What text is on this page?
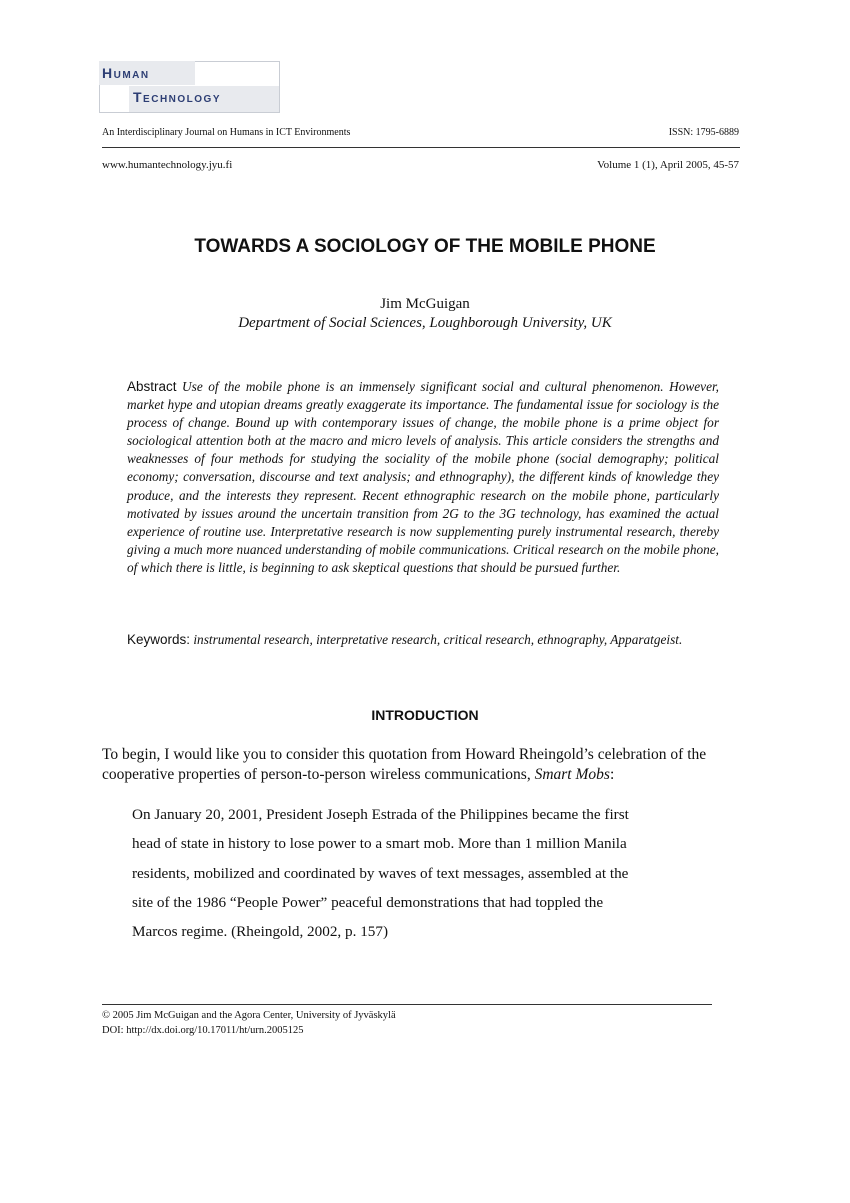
Human
Technology
An Interdisciplinary Journal on Humans in ICT Environments	ISSN: 1795-6889
www.humantechnology.jyu.fi	Volume 1 (1), April 2005, 45-57
TOWARDS A SOCIOLOGY OF THE MOBILE PHONE
Jim McGuigan
Department of Social Sciences, Loughborough University, UK
Abstract Use of the mobile phone is an immensely significant social and cultural phenomenon. However, market hype and utopian dreams greatly exaggerate its importance. The fundamental issue for sociology is the process of change. Bound up with contemporary issues of change, the mobile phone is a prime object for sociological attention both at the macro and micro levels of analysis. This article considers the strengths and weaknesses of four methods for studying the sociality of the mobile phone (social demography; political economy; conversation, discourse and text analysis; and ethnography), the different kinds of knowledge they produce, and the interests they represent. Recent ethnographic research on the mobile phone, particularly motivated by issues around the uncertain transition from 2G to the 3G technology, has examined the actual experience of routine use. Interpretative research is now supplementing purely instrumental research, thereby giving a much more nuanced understanding of mobile communications. Critical research on the mobile phone, of which there is little, is beginning to ask skeptical questions that should be pursued further.
Keywords: instrumental research, interpretative research, critical research, ethnography, Apparatgeist.
INTRODUCTION
To begin, I would like you to consider this quotation from Howard Rheingold’s celebration of the cooperative properties of person-to-person wireless communications, Smart Mobs:
On January 20, 2001, President Joseph Estrada of the Philippines became the first
head of state in history to lose power to a smart mob. More than 1 million Manila
residents, mobilized and coordinated by waves of text messages, assembled at the
site of the 1986 “People Power” peaceful demonstrations that had toppled the
Marcos regime. (Rheingold, 2002, p. 157)
© 2005 Jim McGuigan and the Agora Center, University of Jyväskylä
DOI: http://dx.doi.org/10.17011/ht/urn.2005125
